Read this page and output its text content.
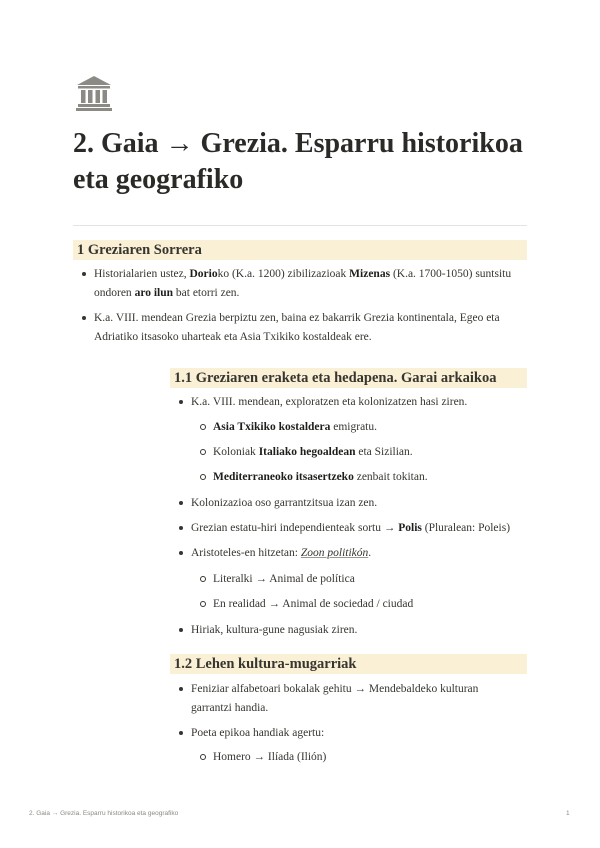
2. Gaia → Grezia. Esparru historikoa eta geografiko
1 Greziaren Sorrera
Historialarien ustez, Dorioko (K.a. 1200) zibilizazioak Mizenas (K.a. 1700-1050) suntsitu ondoren aro ilun bat etorri zen.
K.a. VIII. mendean Grezia berpiztu zen, baina ez bakarrik Grezia kontinentala, Egeo eta Adriatiko itsasoko uharteak eta Asia Txikiko kostaldeak ere.
1.1 Greziaren eraketa eta hedapena. Garai arkaikoa
K.a. VIII. mendean, exploratzen eta kolonizatzen hasi ziren.
Asia Txikiko kostaldera emigratu.
Koloniak Italiako hegoaldean eta Sizilian.
Mediterraneoko itsasertzeko zenbait tokitan.
Kolonizazioa oso garrantzitsua izan zen.
Grezian estatu-hiri independienteak sortu → Polis (Pluralean: Poleis)
Aristoteles-en hitzetan: Zoon politikón.
Literalki → Animal de política
En realidad → Animal de sociedad / ciudad
Hiriak, kultura-gune nagusiak ziren.
1.2 Lehen kultura-mugarriak
Feniziar alfabetoari bokalak gehitu → Mendebaldeko kulturan garrantzi handia.
Poeta epikoa handiak agertu:
Homero → Ilíada (Ilión)
2. Gaia → Grezia. Esparru historikoa eta geografiko	1
